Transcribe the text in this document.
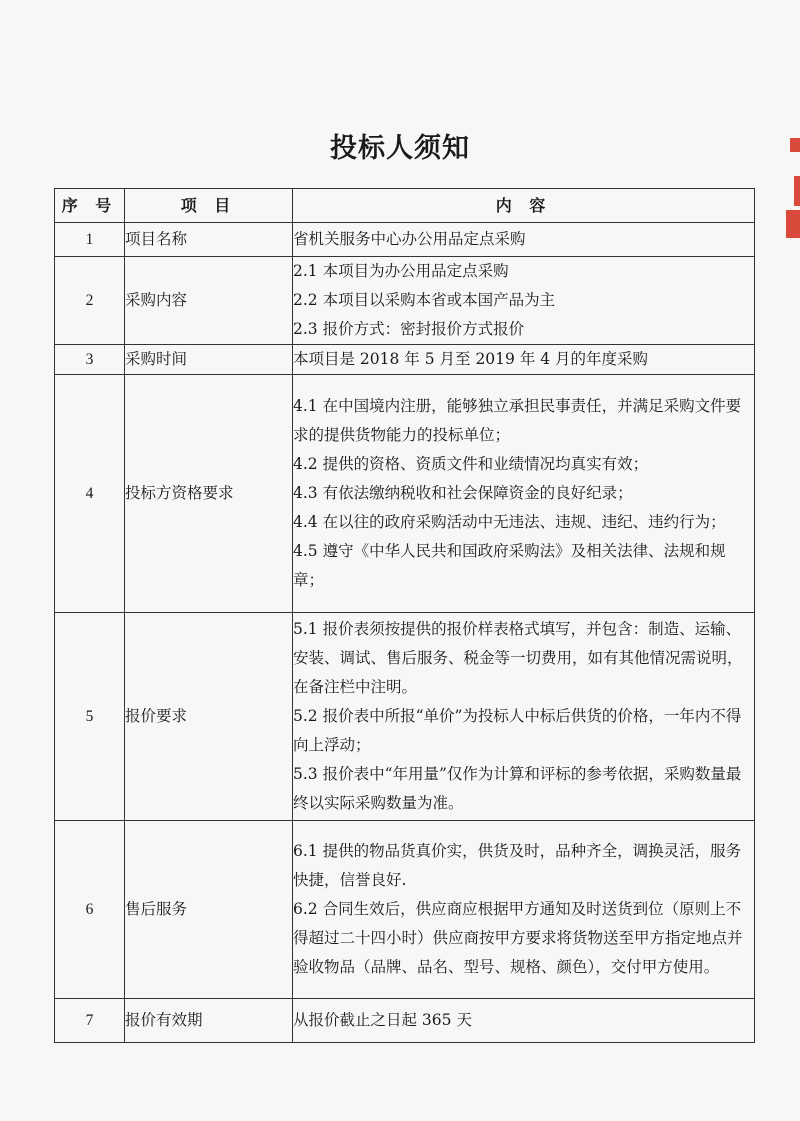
投标人须知
序 号	项 目	内 容
1	项目名称	省机关服务中心办公用品定点采购

2	采购内容	2.1 本项目为办公用品定点采购
2.2 本项目以采购本省或本国产品为主
2.3 报价方式：密封报价方式报价

3	采购时间	本项目是 2018 年 5 月至 2019 年 4 月的年度采购

4	投标方资格要求	4.1 在中国境内注册，能够独立承担民事责任，并满足采购文件要求的提供货物能力的投标单位；
4.2 提供的资格、资质文件和业绩情况均真实有效；
4.3 有依法缴纳税收和社会保障资金的良好纪录；
4.4 在以往的政府采购活动中无违法、违规、违纪、违约行为；
4.5 遵守《中华人民共和国政府采购法》及相关法律、法规和规章；

5	报价要求	5.1 报价表须按提供的报价样表格式填写，并包含：制造、运输、安装、调试、售后服务、税金等一切费用，如有其他情况需说明，在备注栏中注明。
5.2 报价表中所报“单价”为投标人中标后供货的价格，一年内不得向上浮动；
5.3 报价表中“年用量”仅作为计算和评标的参考依据，采购数量最终以实际采购数量为准。

6	售后服务	6.1 提供的物品货真价实，供货及时，品种齐全，调换灵活，服务快捷，信誉良好.
6.2 合同生效后，供应商应根据甲方通知及时送货到位（原则上不得超过二十四小时）供应商按甲方要求将货物送至甲方指定地点并验收物品（品牌、品名、型号、规格、颜色），交付甲方使用。

7	报价有效期	从报价截止之日起 365 天
